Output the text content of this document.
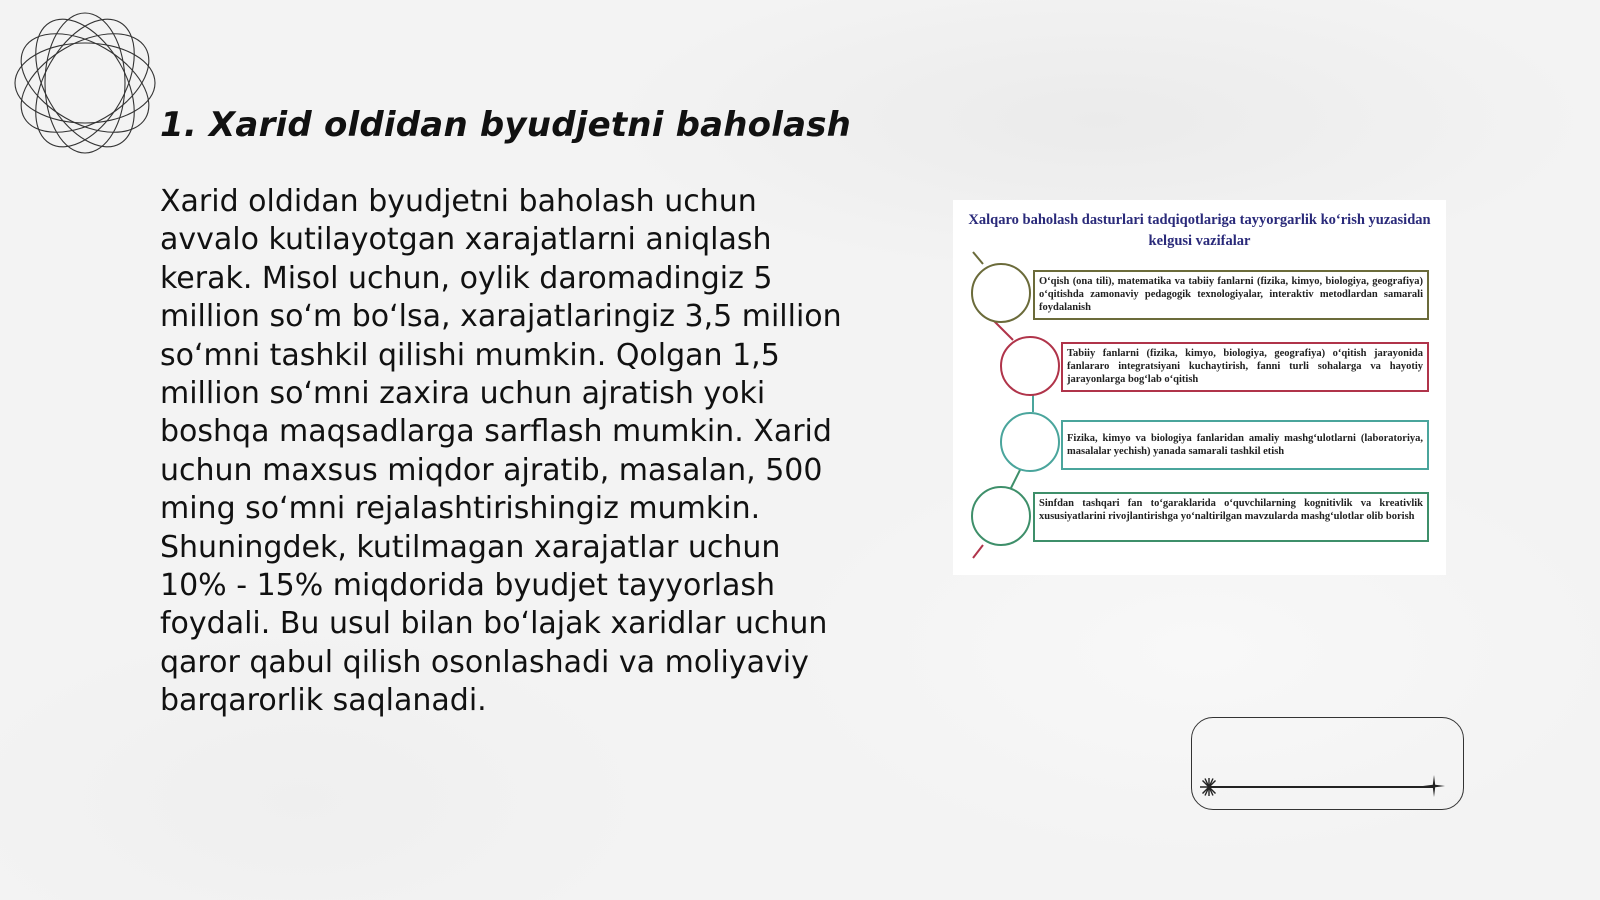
1. Xarid oldidan byudjetni baholash

Xarid oldidan byudjetni baholash uchun avvalo kutilayotgan xarajatlarni aniqlash kerak. Misol uchun, oylik daromadingiz 5 million so‘m bo‘lsa, xarajatlaringiz 3,5 million so‘mni tashkil qilishi mumkin. Qolgan 1,5 million so‘mni zaxira uchun ajratish yoki boshqa maqsadlarga sarflash mumkin. Xarid uchun maxsus miqdor ajratib, masalan, 500 ming so‘mni rejalashtirishingiz mumkin. Shuningdek, kutilmagan xarajatlar uchun 10% - 15% miqdorida byudjet tayyorlash foydali. Bu usul bilan bo‘lajak xaridlar uchun qaror qabul qilish osonlashadi va moliyaviy barqarorlik saqlanadi.

Xalqaro baholash dasturlari tadqiqotlariga tayyorgarlik ko‘rish yuzasidan kelgusi vazifalar
O‘qish (ona tili), matematika va tabiiy fanlarni (fizika, kimyo, biologiya, geografiya) o‘qitishda zamonaviy pedagogik texnologiyalar, interaktiv metodlardan samarali foydalanish
Tabiiy fanlarni (fizika, kimyo, biologiya, geografiya) o‘qitish jarayonida fanlararo integratsiyani kuchaytirish, fanni turli sohalarga va hayotiy jarayonlarga bog‘lab o‘qitish
Fizika, kimyo va biologiya fanlaridan amaliy mashg‘ulotlarni (laboratoriya, masalalar yechish) yanada samarali tashkil etish
Sinfdan tashqari fan to‘garaklarida o‘quvchilarning kognitivlik va kreativlik xususiyatlarini rivojlantirishga yo‘naltirilgan mavzularda mashg‘ulotlar olib borish
